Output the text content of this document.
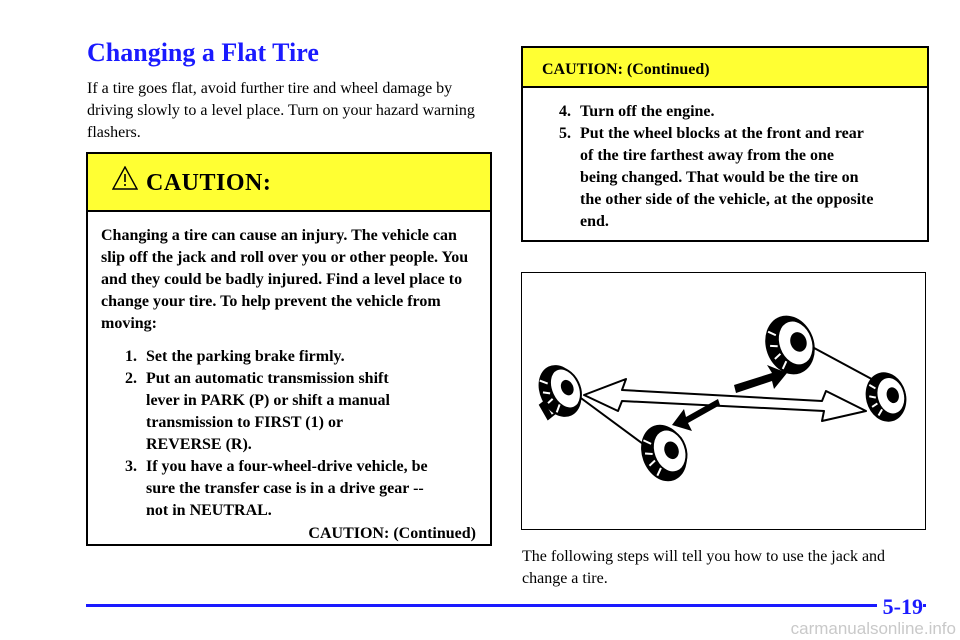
Changing a Flat Tire
If a tire goes flat, avoid further tire and wheel damage by driving slowly to a level place. Turn on your hazard warning flashers.
CAUTION:

Changing a tire can cause an injury. The vehicle can slip off the jack and roll over you or other people. You and they could be badly injured. Find a level place to change your tire. To help prevent the vehicle from moving:

1. Set the parking brake firmly.
2. Put an automatic transmission shift lever in PARK (P) or shift a manual transmission to FIRST (1) or REVERSE (R).
3. If you have a four-wheel-drive vehicle, be sure the transfer case is in a drive gear -- not in NEUTRAL.
CAUTION: (Continued)
CAUTION: (Continued)
4. Turn off the engine.
5. Put the wheel blocks at the front and rear of the tire farthest away from the one being changed. That would be the tire on the other side of the vehicle, at the opposite end.
The following steps will tell you how to use the jack and change a tire.
5-19
carmanualsonline.info
